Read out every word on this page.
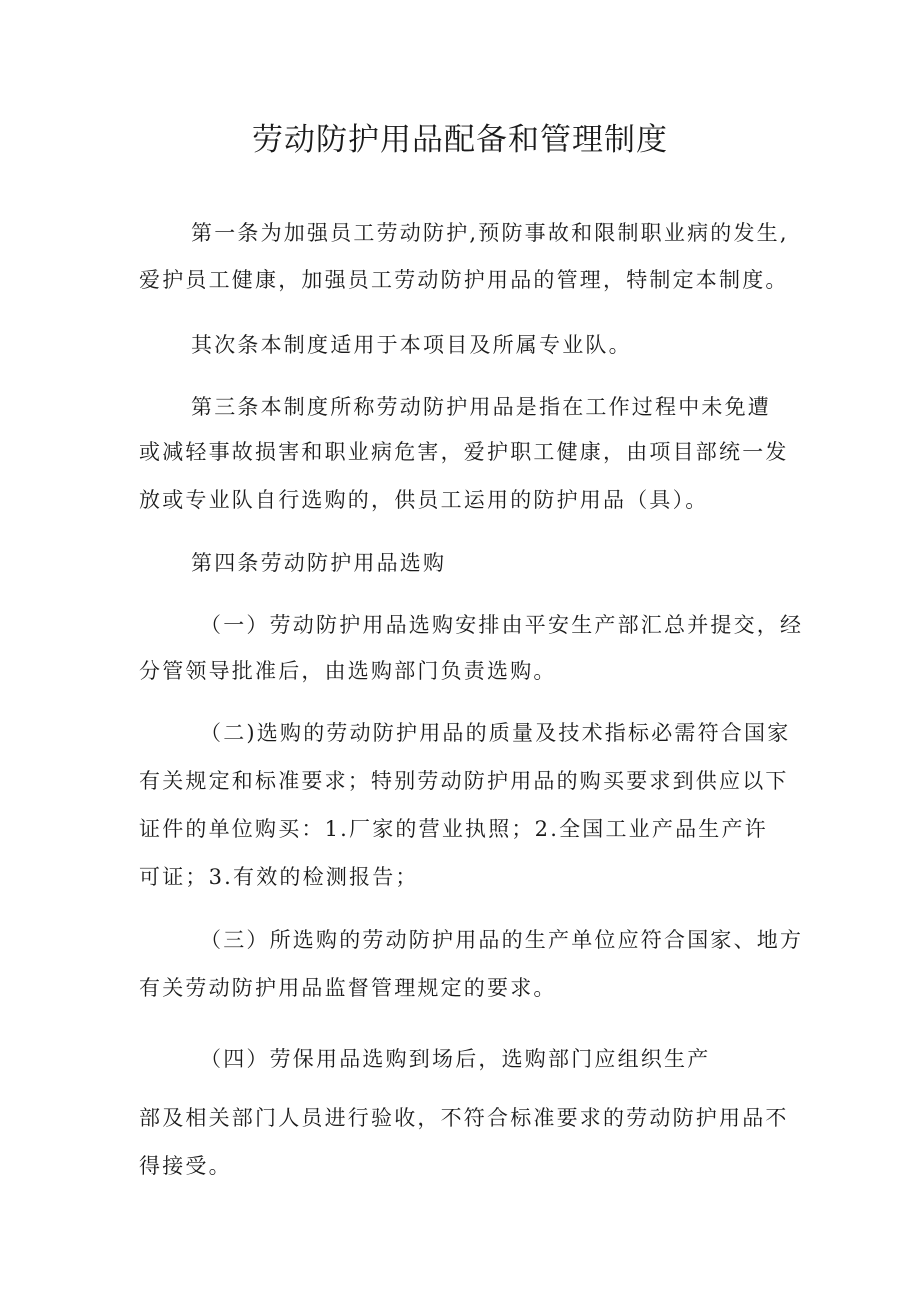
劳动防护用品配备和管理制度
第一条为加强员工劳动防护,预防事故和限制职业病的发生,
爱护员工健康，加强员工劳动防护用品的管理，特制定本制度。
其次条本制度适用于本项目及所属专业队。
第三条本制度所称劳动防护用品是指在工作过程中未免遭
或减轻事故损害和职业病危害，爱护职工健康，由项目部统一发
放或专业队自行选购的，供员工运用的防护用品（具）。
第四条劳动防护用品选购
（一）劳动防护用品选购安排由平安生产部汇总并提交，经
分管领导批准后，由选购部门负责选购。
（二)选购的劳动防护用品的质量及技术指标必需符合国家
有关规定和标准要求；特别劳动防护用品的购买要求到供应以下
证件的单位购买：1.厂家的营业执照；2.全国工业产品生产许
可证；3.有效的检测报告；
（三）所选购的劳动防护用品的生产单位应符合国家、地方
有关劳动防护用品监督管理规定的要求。
（四）劳保用品选购到场后，选购部门应组织生产
部及相关部门人员进行验收，不符合标准要求的劳动防护用品不
得接受。
